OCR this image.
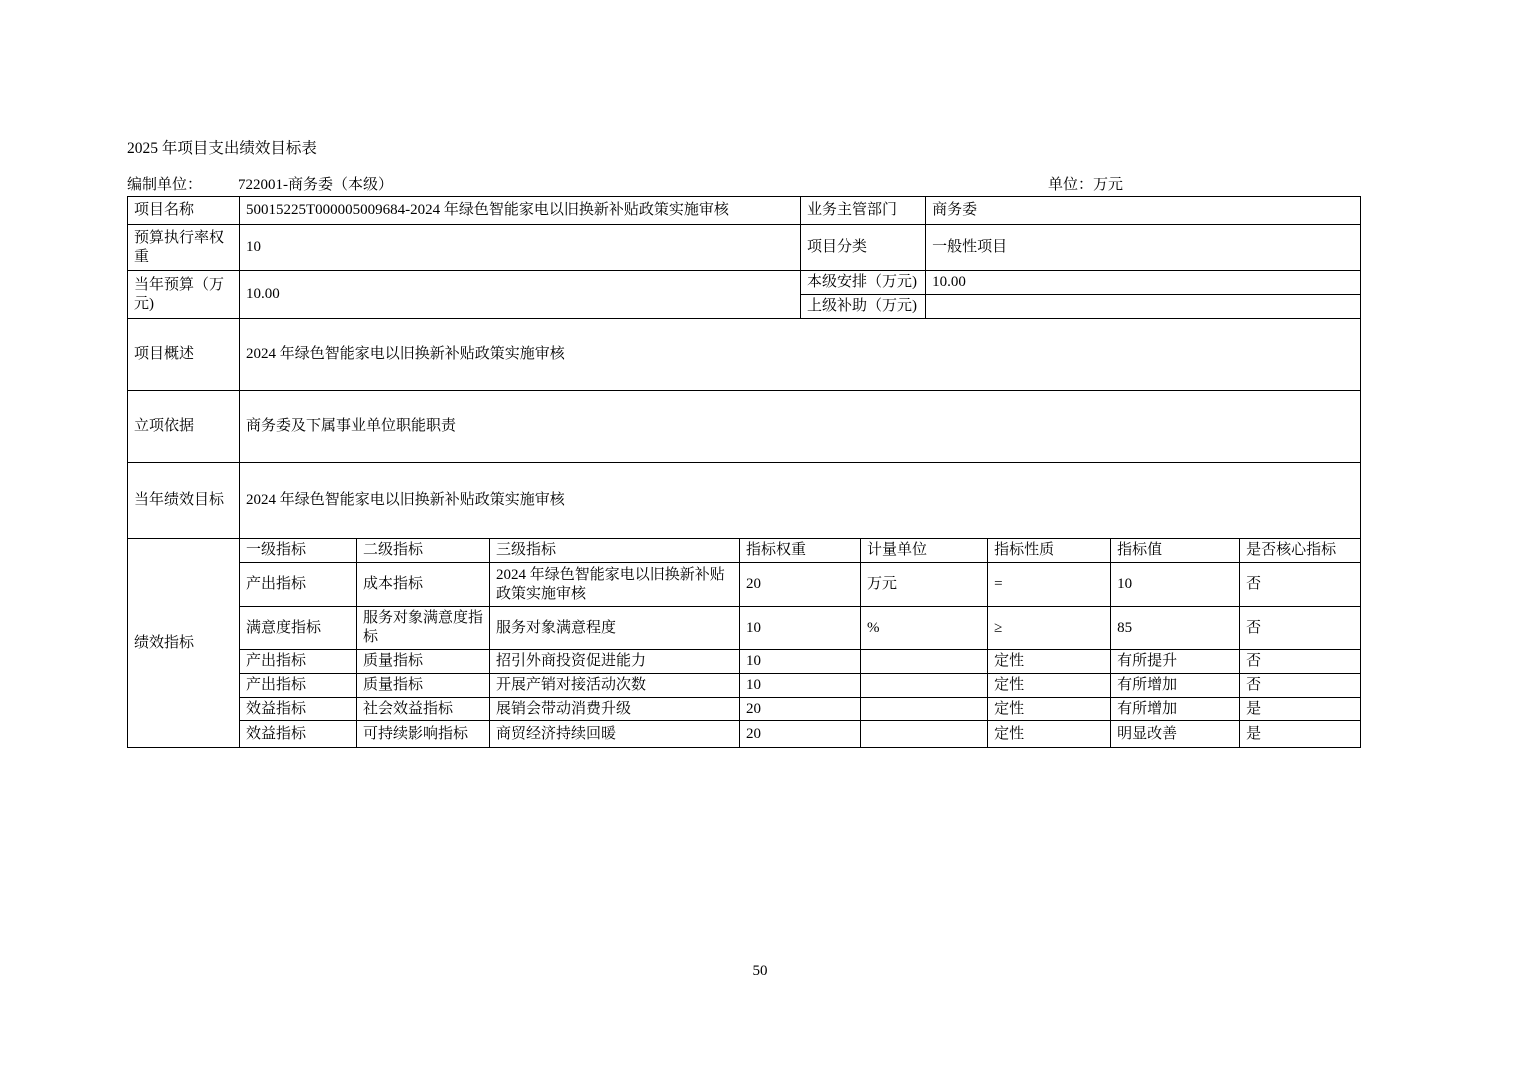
2025 年项目支出绩效目标表
编制单位： 722001-商务委（本级）	单位：万元
项目名称	50015225T000005009684-2024 年绿色智能家电以旧换新补贴政策实施审核				业务主管部门		商务委			
预算执行率权重	10				项目分类		一般性项目			
当年预算（万元)	10.00				本级安排（万元)		10.00			
					上级补助（万元)					
项目概述	2024 年绿色智能家电以旧换新补贴政策实施审核									
立项依据	商务委及下属事业单位职能职责									
当年绩效目标	2024 年绿色智能家电以旧换新补贴政策实施审核									
绩效指标	一级指标	二级指标	三级指标	指标权重		计量单位		指标性质	指标值	是否核心指标
	产出指标	成本指标	2024 年绿色智能家电以旧换新补贴政策实施审核	20		万元		=	10	否
	满意度指标	服务对象满意度指标	服务对象满意程度	10		%		≥	85	否
	产出指标	质量指标	招引外商投资促进能力	10				定性	有所提升	否
	产出指标	质量指标	开展产销对接活动次数	10				定性	有所增加	否
	效益指标	社会效益指标	展销会带动消费升级	20				定性	有所增加	是
	效益指标	可持续影响指标	商贸经济持续回暖	20				定性	明显改善	是
50
